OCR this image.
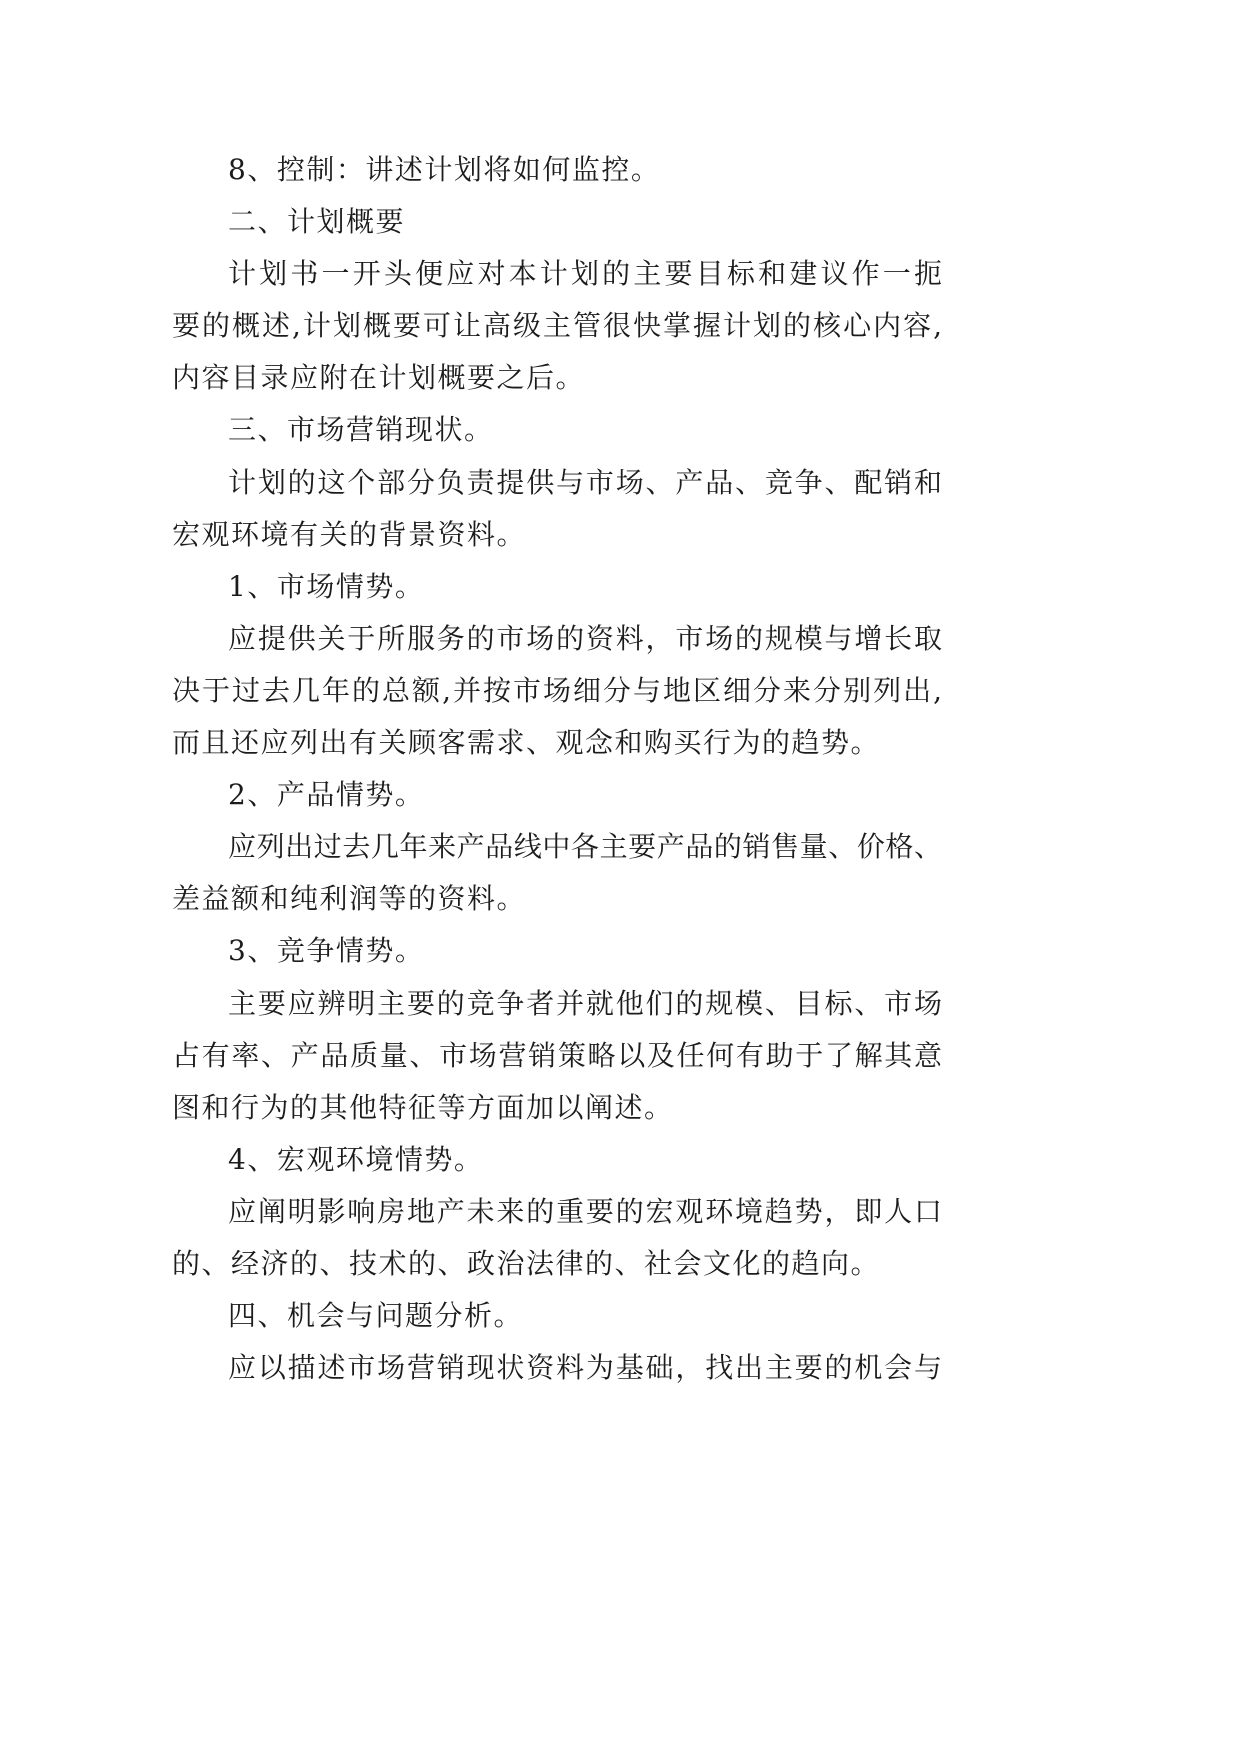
8、控制：讲述计划将如何监控。
二、计划概要
计划书一开头便应对本计划的主要目标和建议作一扼
要的概述,计划概要可让高级主管很快掌握计划的核心内容,
内容目录应附在计划概要之后。
三、市场营销现状。
计划的这个部分负责提供与市场、产品、竞争、配销和
宏观环境有关的背景资料。
1、市场情势。
应提供关于所服务的市场的资料，市场的规模与增长取
决于过去几年的总额,并按市场细分与地区细分来分别列出,
而且还应列出有关顾客需求、观念和购买行为的趋势。
2、产品情势。
应列出过去几年来产品线中各主要产品的销售量、价格、
差益额和纯利润等的资料。
3、竞争情势。
主要应辨明主要的竞争者并就他们的规模、目标、市场
占有率、产品质量、市场营销策略以及任何有助于了解其意
图和行为的其他特征等方面加以阐述。
4、宏观环境情势。
应阐明影响房地产未来的重要的宏观环境趋势，即人口
的、经济的、技术的、政治法律的、社会文化的趋向。
四、机会与问题分析。
应以描述市场营销现状资料为基础，找出主要的机会与
